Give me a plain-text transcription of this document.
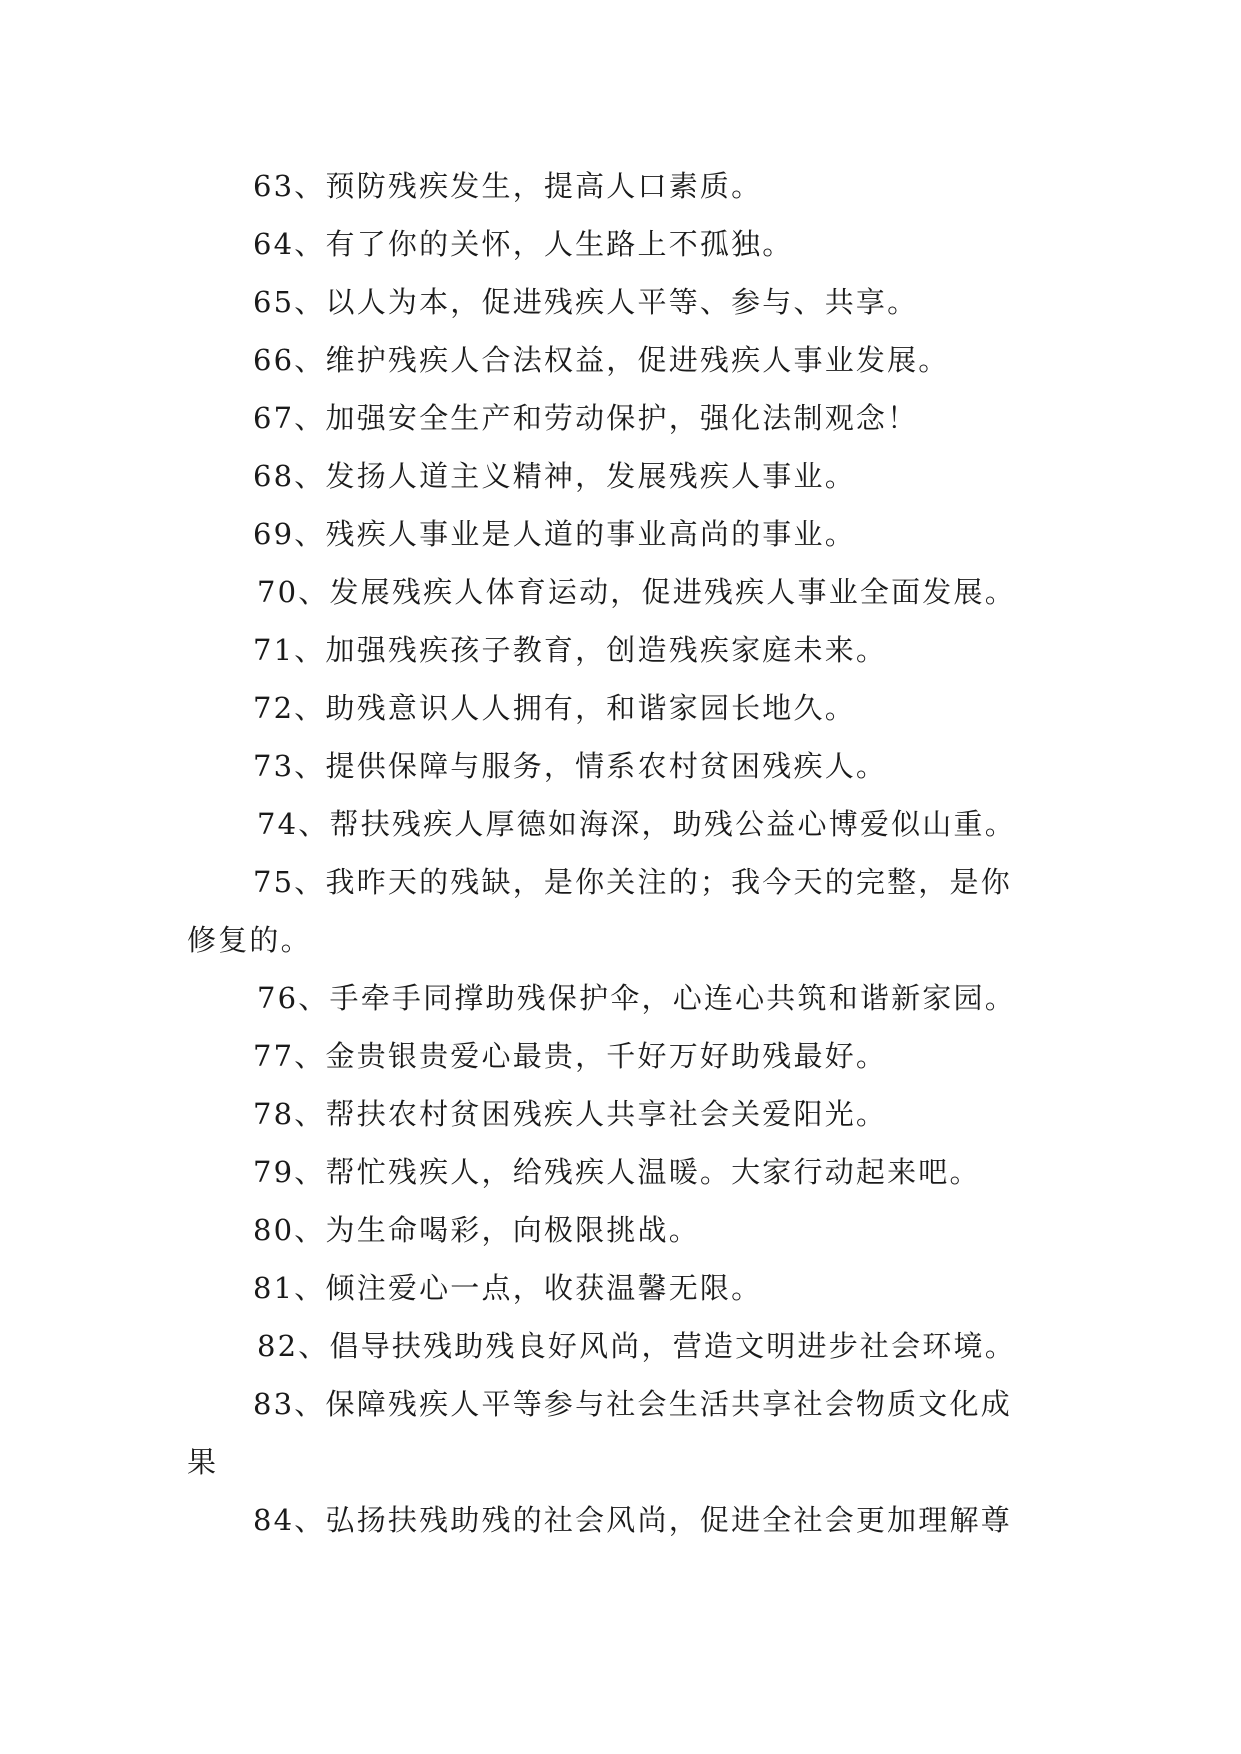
63、预防残疾发生，提高人口素质。
64、有了你的关怀，人生路上不孤独。
65、以人为本，促进残疾人平等、参与、共享。
66、维护残疾人合法权益，促进残疾人事业发展。
67、加强安全生产和劳动保护，强化法制观念！
68、发扬人道主义精神，发展残疾人事业。
69、残疾人事业是人道的事业高尚的事业。
70、发展残疾人体育运动，促进残疾人事业全面发展。
71、加强残疾孩子教育，创造残疾家庭未来。
72、助残意识人人拥有，和谐家园长地久。
73、提供保障与服务，情系农村贫困残疾人。
74、帮扶残疾人厚德如海深，助残公益心博爱似山重。
75、我昨天的残缺，是你关注的；我今天的完整，是你
修复的。
76、手牵手同撑助残保护伞，心连心共筑和谐新家园。
77、金贵银贵爱心最贵，千好万好助残最好。
78、帮扶农村贫困残疾人共享社会关爱阳光。
79、帮忙残疾人，给残疾人温暖。大家行动起来吧。
80、为生命喝彩，向极限挑战。
81、倾注爱心一点，收获温馨无限。
82、倡导扶残助残良好风尚，营造文明进步社会环境。
83、保障残疾人平等参与社会生活共享社会物质文化成
果
84、弘扬扶残助残的社会风尚，促进全社会更加理解尊
